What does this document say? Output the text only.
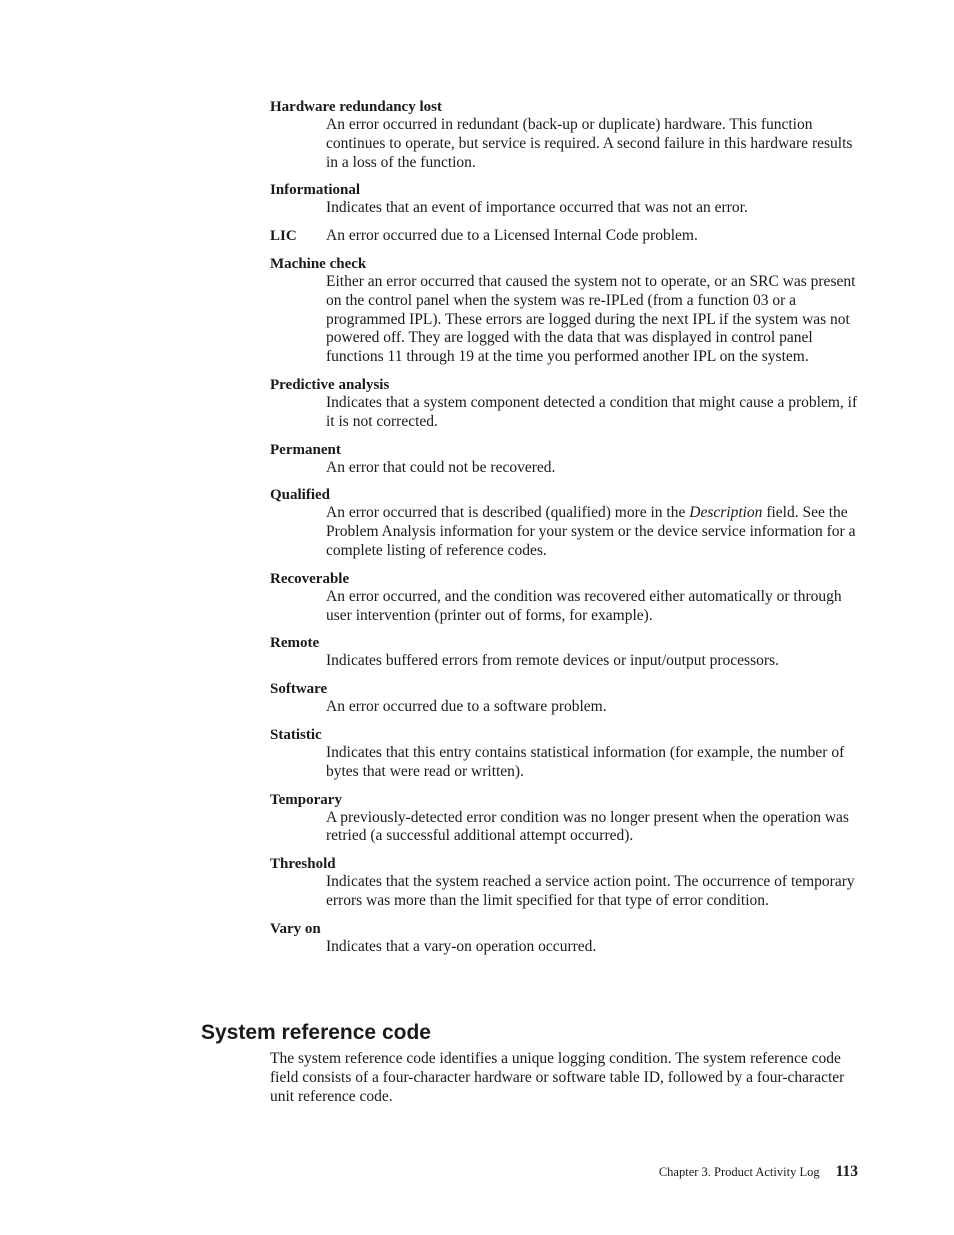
Hardware redundancy lost
An error occurred in redundant (back-up or duplicate) hardware. This function continues to operate, but service is required. A second failure in this hardware results in a loss of the function.
Informational
Indicates that an event of importance occurred that was not an error.
LIC	An error occurred due to a Licensed Internal Code problem.
Machine check
Either an error occurred that caused the system not to operate, or an SRC was present on the control panel when the system was re-IPLed (from a function 03 or a programmed IPL). These errors are logged during the next IPL if the system was not powered off. They are logged with the data that was displayed in control panel functions 11 through 19 at the time you performed another IPL on the system.
Predictive analysis
Indicates that a system component detected a condition that might cause a problem, if it is not corrected.
Permanent
An error that could not be recovered.
Qualified
An error occurred that is described (qualified) more in the Description field. See the Problem Analysis information for your system or the device service information for a complete listing of reference codes.
Recoverable
An error occurred, and the condition was recovered either automatically or through user intervention (printer out of forms, for example).
Remote
Indicates buffered errors from remote devices or input/output processors.
Software
An error occurred due to a software problem.
Statistic
Indicates that this entry contains statistical information (for example, the number of bytes that were read or written).
Temporary
A previously-detected error condition was no longer present when the operation was retried (a successful additional attempt occurred).
Threshold
Indicates that the system reached a service action point. The occurrence of temporary errors was more than the limit specified for that type of error condition.
Vary on
Indicates that a vary-on operation occurred.
System reference code

The system reference code identifies a unique logging condition. The system reference code field consists of a four-character hardware or software table ID, followed by a four-character unit reference code.

Chapter 3. Product Activity Log 113
